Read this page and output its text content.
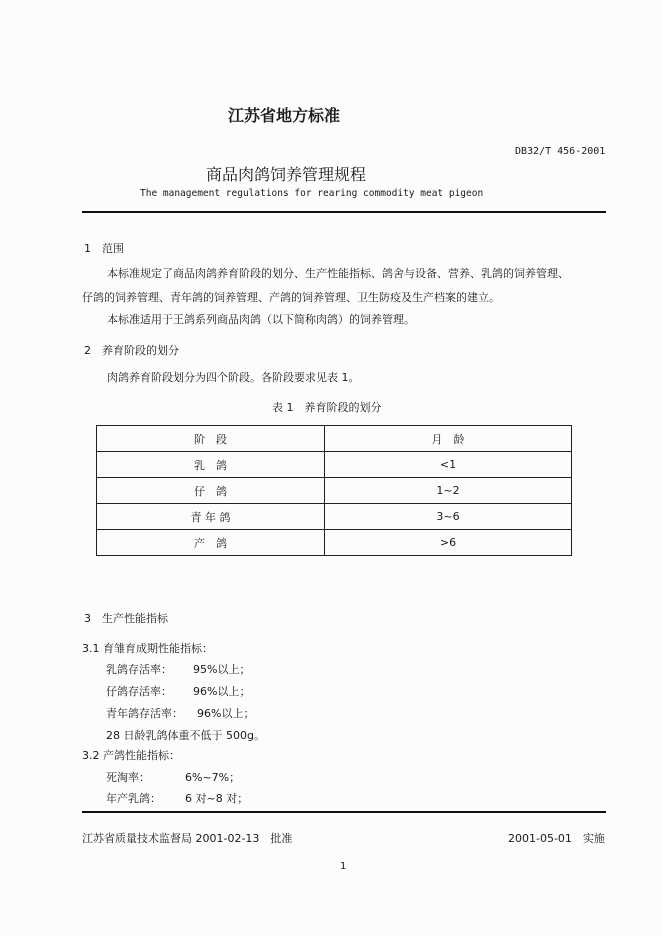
江苏省地方标准
DB32/T 456-2001
商品肉鸽饲养管理规程
The management regulations for rearing commodity meat pigeon
1　 范围
本标准规定了商品肉鸽养育阶段的划分、生产性能指标、鸽舍与设备、营养、乳鸽的饲养管理、
仔鸽的饲养管理、青年鸽的饲养管理、产鸽的饲养管理、卫生防疫及生产档案的建立。
本标准适用于王鸽系列商品肉鸽（以下简称肉鸽）的饲养管理。
2　 养育阶段的划分
肉鸽养育阶段划分为四个阶段。各阶段要求见表 1。
表 1　养育阶段的划分
阶　段	月　龄
乳　鸽	<1
仔　鸽	1~2
青 年 鸽	3~6
产　鸽	>6
3　 生产性能指标
3.1 育雏育成期性能指标：
乳鸽存活率： 95%以上；
仔鸽存活率： 96%以上；
青年鸽存活率： 96%以上；
28 日龄乳鸽体重不低于 500g。
3.2 产鸽性能指标：
死淘率：	6%~7%；
年产乳鸽： 6 对~8 对；
江苏省质量技术监督局 2001-02-13　批准	2001-05-01　实施
1
